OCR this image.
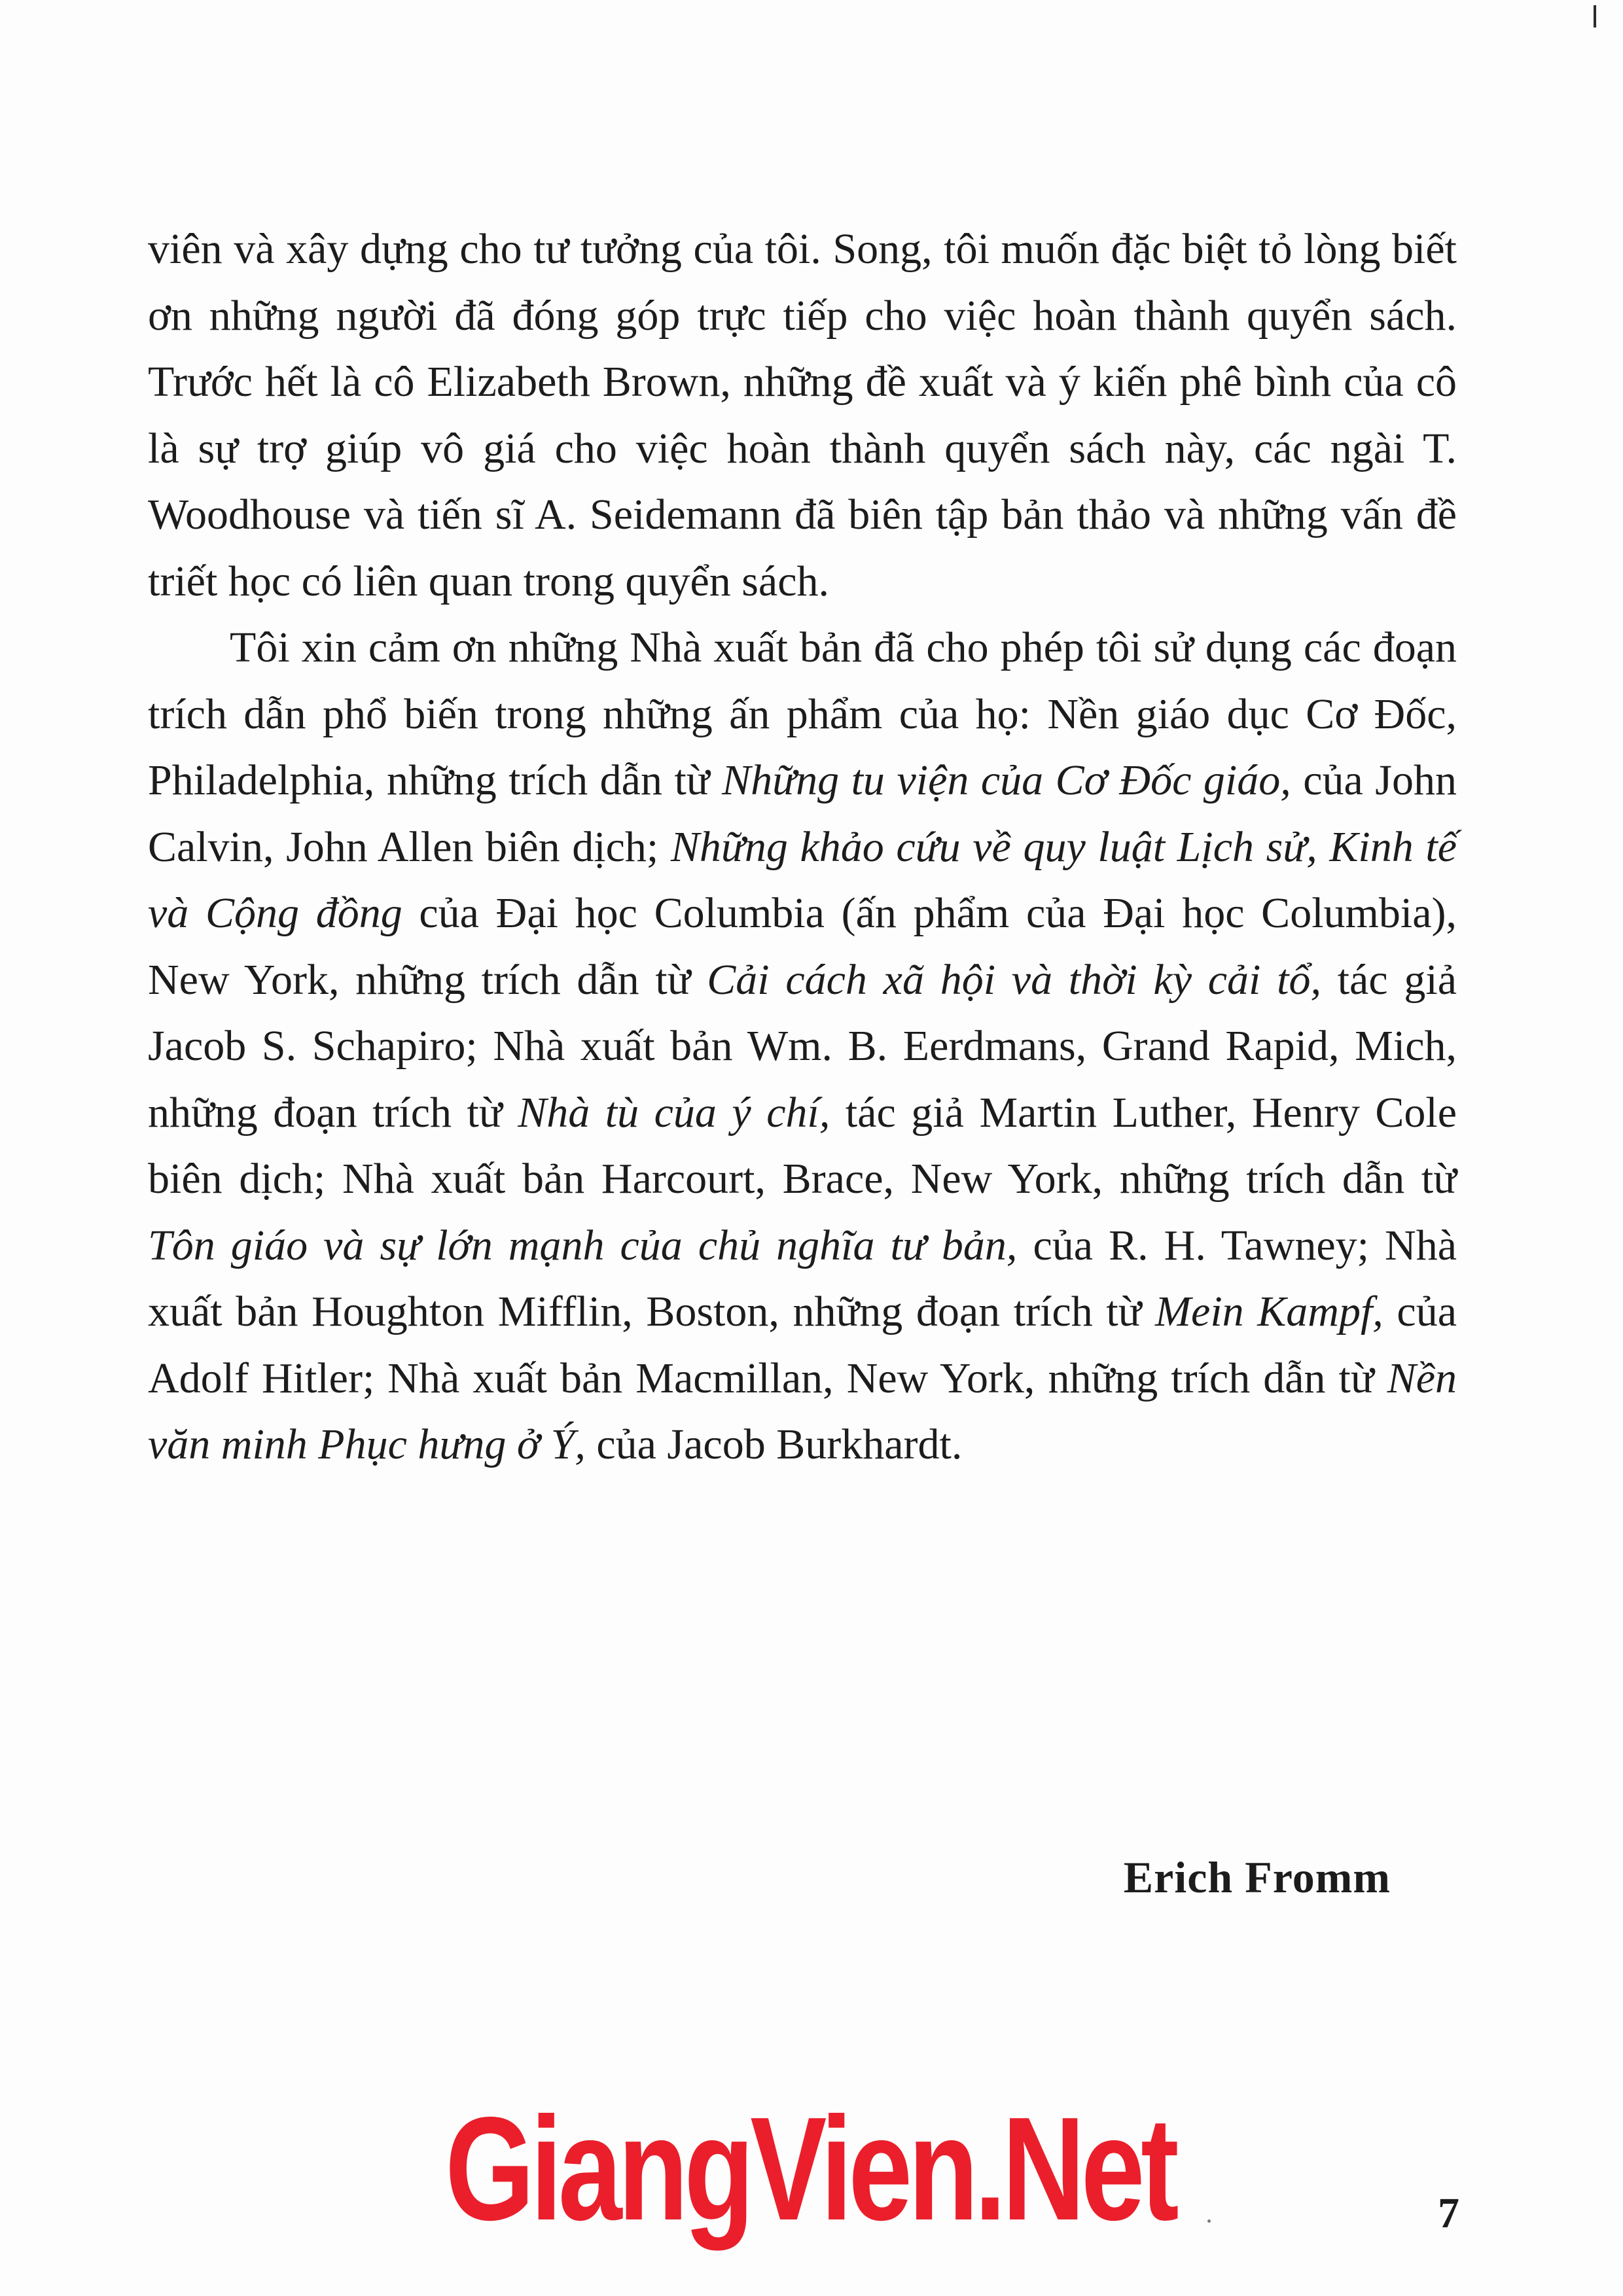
viên và xây dựng cho tư tưởng của tôi. Song, tôi muốn đặc biệt tỏ lòng biết ơn những người đã đóng góp trực tiếp cho việc hoàn thành quyển sách. Trước hết là cô Elizabeth Brown, những đề xuất và ý kiến phê bình của cô là sự trợ giúp vô giá cho việc hoàn thành quyển sách này, các ngài T. Woodhouse và tiến sĩ A. Seidemann đã biên tập bản thảo và những vấn đề triết học có liên quan trong quyển sách.

Tôi xin cảm ơn những Nhà xuất bản đã cho phép tôi sử dụng các đoạn trích dẫn phổ biến trong những ấn phẩm của họ: Nền giáo dục Cơ Đốc, Philadelphia, những trích dẫn từ Những tu viện của Cơ Đốc giáo, của John Calvin, John Allen biên dịch; Những khảo cứu về quy luật Lịch sử, Kinh tế và Cộng đồng của Đại học Columbia (ấn phẩm của Đại học Columbia), New York, những trích dẫn từ Cải cách xã hội và thời kỳ cải tổ, tác giả Jacob S. Schapiro; Nhà xuất bản Wm. B. Eerdmans, Grand Rapid, Mich, những đoạn trích từ Nhà tù của ý chí, tác giả Martin Luther, Henry Cole biên dịch; Nhà xuất bản Harcourt, Brace, New York, những trích dẫn từ Tôn giáo và sự lớn mạnh của chủ nghĩa tư bản, của R. H. Tawney; Nhà xuất bản Houghton Mifflin, Boston, những đoạn trích từ Mein Kampf, của Adolf Hitler; Nhà xuất bản Macmillan, New York, những trích dẫn từ Nền văn minh Phục hưng ở Ý, của Jacob Burkhardt.

Erich Fromm
GiangVien.Net	7
